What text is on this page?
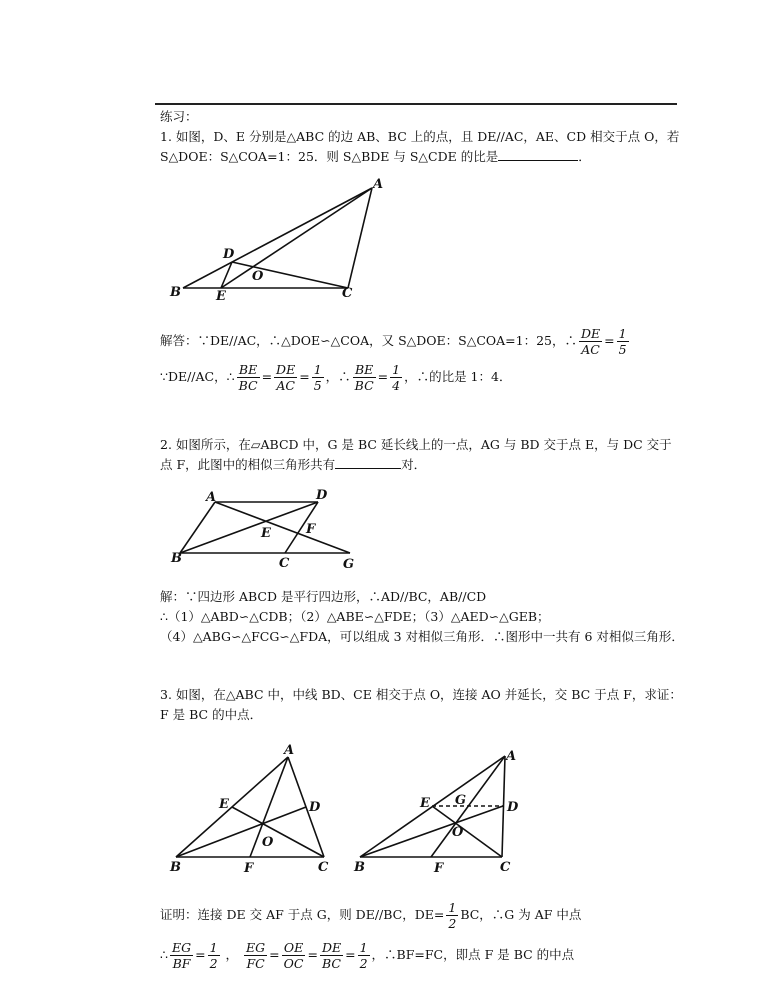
练习：
1. 如图，D、E 分别是△ABC 的边 AB、BC 上的点，且 DE//AC，AE、CD 相交于点 O，若
S△DOE：S△COA=1：25．则 S△BDE 与 S△CDE 的比是	．
A
B	C
D
E
O
解答：∵DE//AC，∴△DOE∽△COA，又 S△DOE：S△COA=1：25，∴ $\frac{DE}{AC} = \frac{1}{5}$
∵DE//AC，∴ $\frac{BE}{BC} = \frac{DE}{AC} = \frac{1}{5}$ ，∴ $\frac{BE}{BC} = \frac{1}{4}$ ，∴的比是 1：4．
2. 如图所示，在▱ABCD 中，G 是 BC 延长线上的一点，AG 与 BD 交于点 E，与 DC 交于
点 F，此图中的相似三角形共有	对．
A
B	C
D
E	F
G
解：∵四边形 ABCD 是平行四边形，∴AD//BC，AB//CD
∴（1）△ABD∽△CDB；（2）△ABE∽△FDE；（3）△AED∽△GEB；
（4）△ABG∽△FCG∽△FDA，可以组成 3 对相似三角形．∴图形中一共有 6 对相似三角形．
3. 如图，在△ABC 中，中线 BD、CE 相交于点 O，连接 AO 并延长，交 BC 于点 F，求证：
F 是 BC 的中点．
A
B	C
D
E
F
O
A
B	C
D
E
F
G
O
证明：连接 DE 交 AF 于点 G，则 DE//BC，$DE= \frac{1}{2}$ BC，∴G 为 AF 中点
∴ $\frac{EG}{BF} = \frac{1}{2}$ ， $\frac{EG}{FC} = \frac{OE}{OC} = \frac{DE}{BC} = \frac{1}{2}$ ，∴BF=FC，即点 F 是 BC 的中点
